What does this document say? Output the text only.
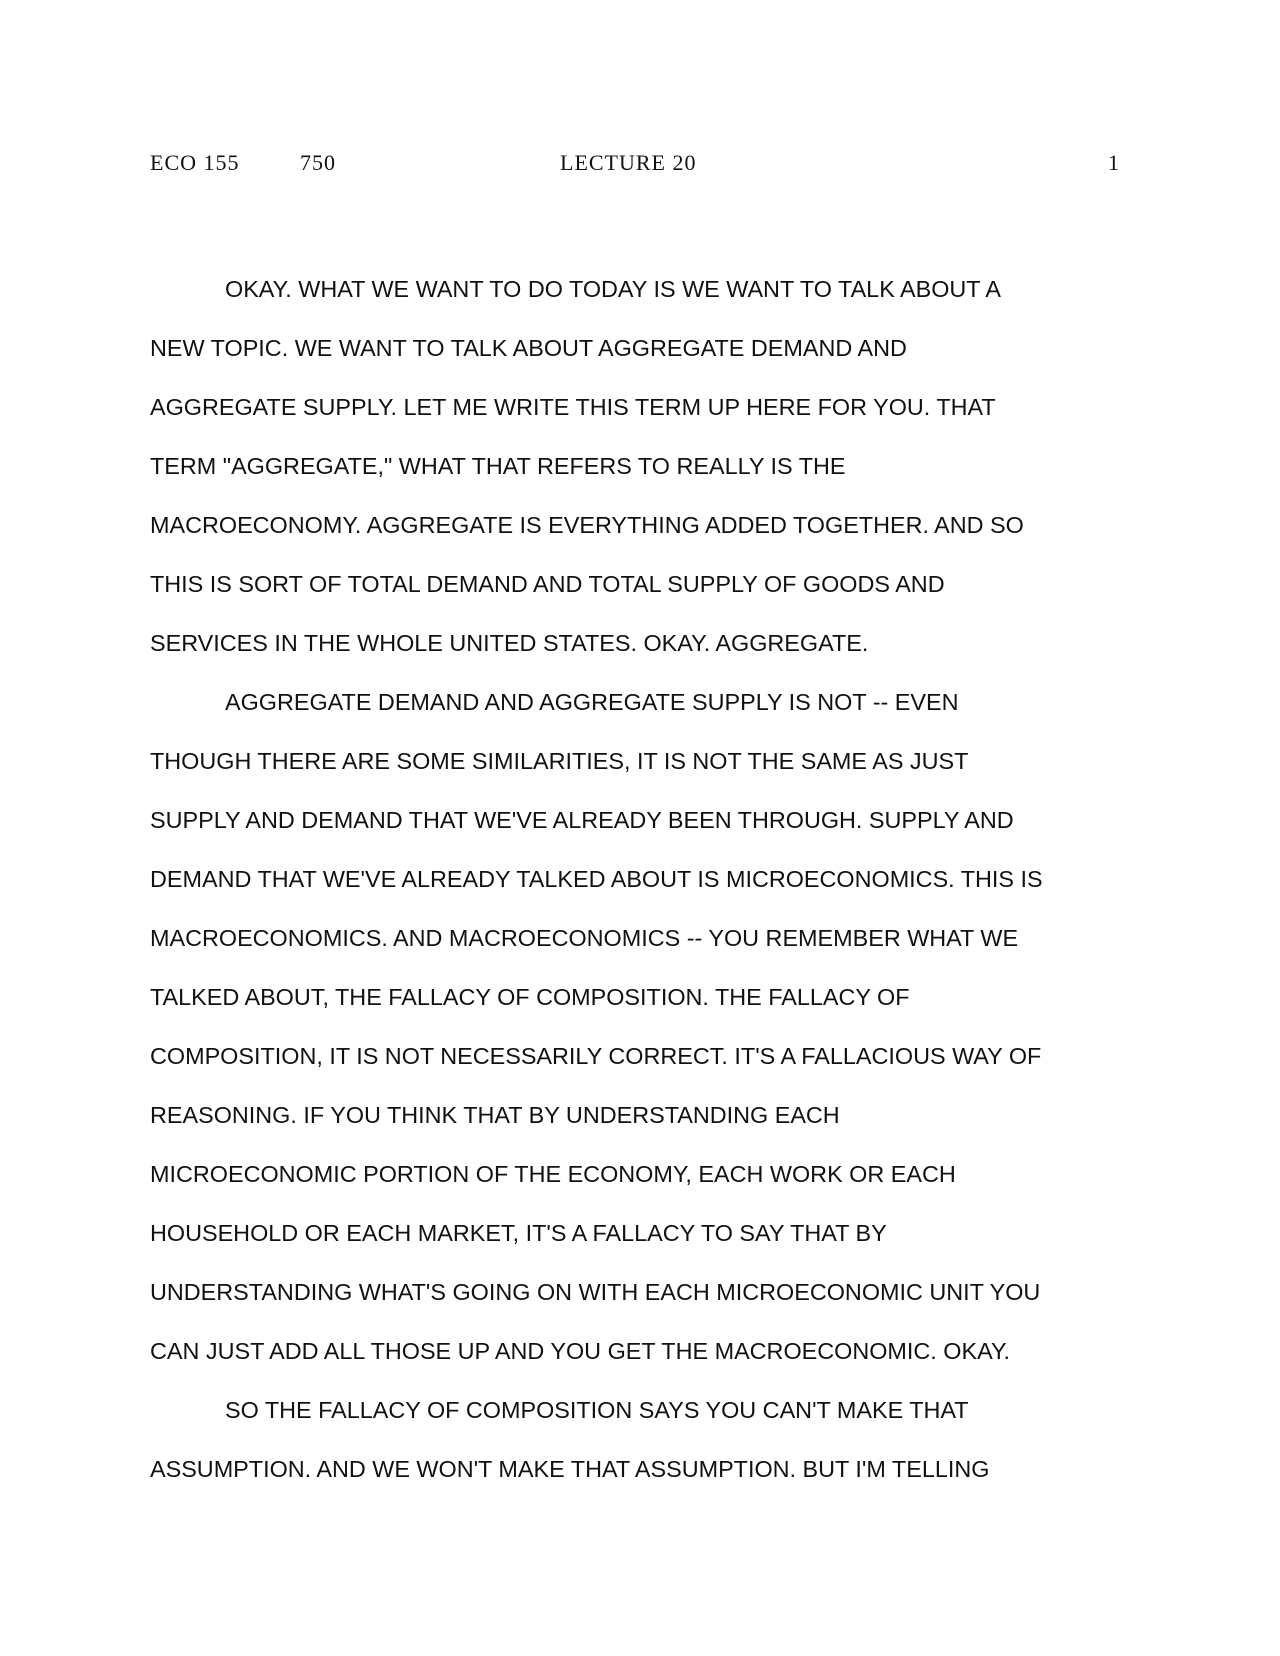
ECO 155	750	LECTURE 20	1
OKAY. WHAT WE WANT TO DO TODAY IS WE WANT TO TALK ABOUT A
NEW TOPIC. WE WANT TO TALK ABOUT AGGREGATE DEMAND AND
AGGREGATE SUPPLY. LET ME WRITE THIS TERM UP HERE FOR YOU. THAT
TERM "AGGREGATE," WHAT THAT REFERS TO REALLY IS THE
MACROECONOMY. AGGREGATE IS EVERYTHING ADDED TOGETHER. AND SO
THIS IS SORT OF TOTAL DEMAND AND TOTAL SUPPLY OF GOODS AND
SERVICES IN THE WHOLE UNITED STATES. OKAY. AGGREGATE.
AGGREGATE DEMAND AND AGGREGATE SUPPLY IS NOT -- EVEN
THOUGH THERE ARE SOME SIMILARITIES, IT IS NOT THE SAME AS JUST
SUPPLY AND DEMAND THAT WE'VE ALREADY BEEN THROUGH. SUPPLY AND
DEMAND THAT WE'VE ALREADY TALKED ABOUT IS MICROECONOMICS. THIS IS
MACROECONOMICS. AND MACROECONOMICS -- YOU REMEMBER WHAT WE
TALKED ABOUT, THE FALLACY OF COMPOSITION. THE FALLACY OF
COMPOSITION, IT IS NOT NECESSARILY CORRECT. IT'S A FALLACIOUS WAY OF
REASONING. IF YOU THINK THAT BY UNDERSTANDING EACH
MICROECONOMIC PORTION OF THE ECONOMY, EACH WORK OR EACH
HOUSEHOLD OR EACH MARKET, IT'S A FALLACY TO SAY THAT BY
UNDERSTANDING WHAT'S GOING ON WITH EACH MICROECONOMIC UNIT YOU
CAN JUST ADD ALL THOSE UP AND YOU GET THE MACROECONOMIC. OKAY.
SO THE FALLACY OF COMPOSITION SAYS YOU CAN'T MAKE THAT
ASSUMPTION. AND WE WON'T MAKE THAT ASSUMPTION. BUT I'M TELLING
